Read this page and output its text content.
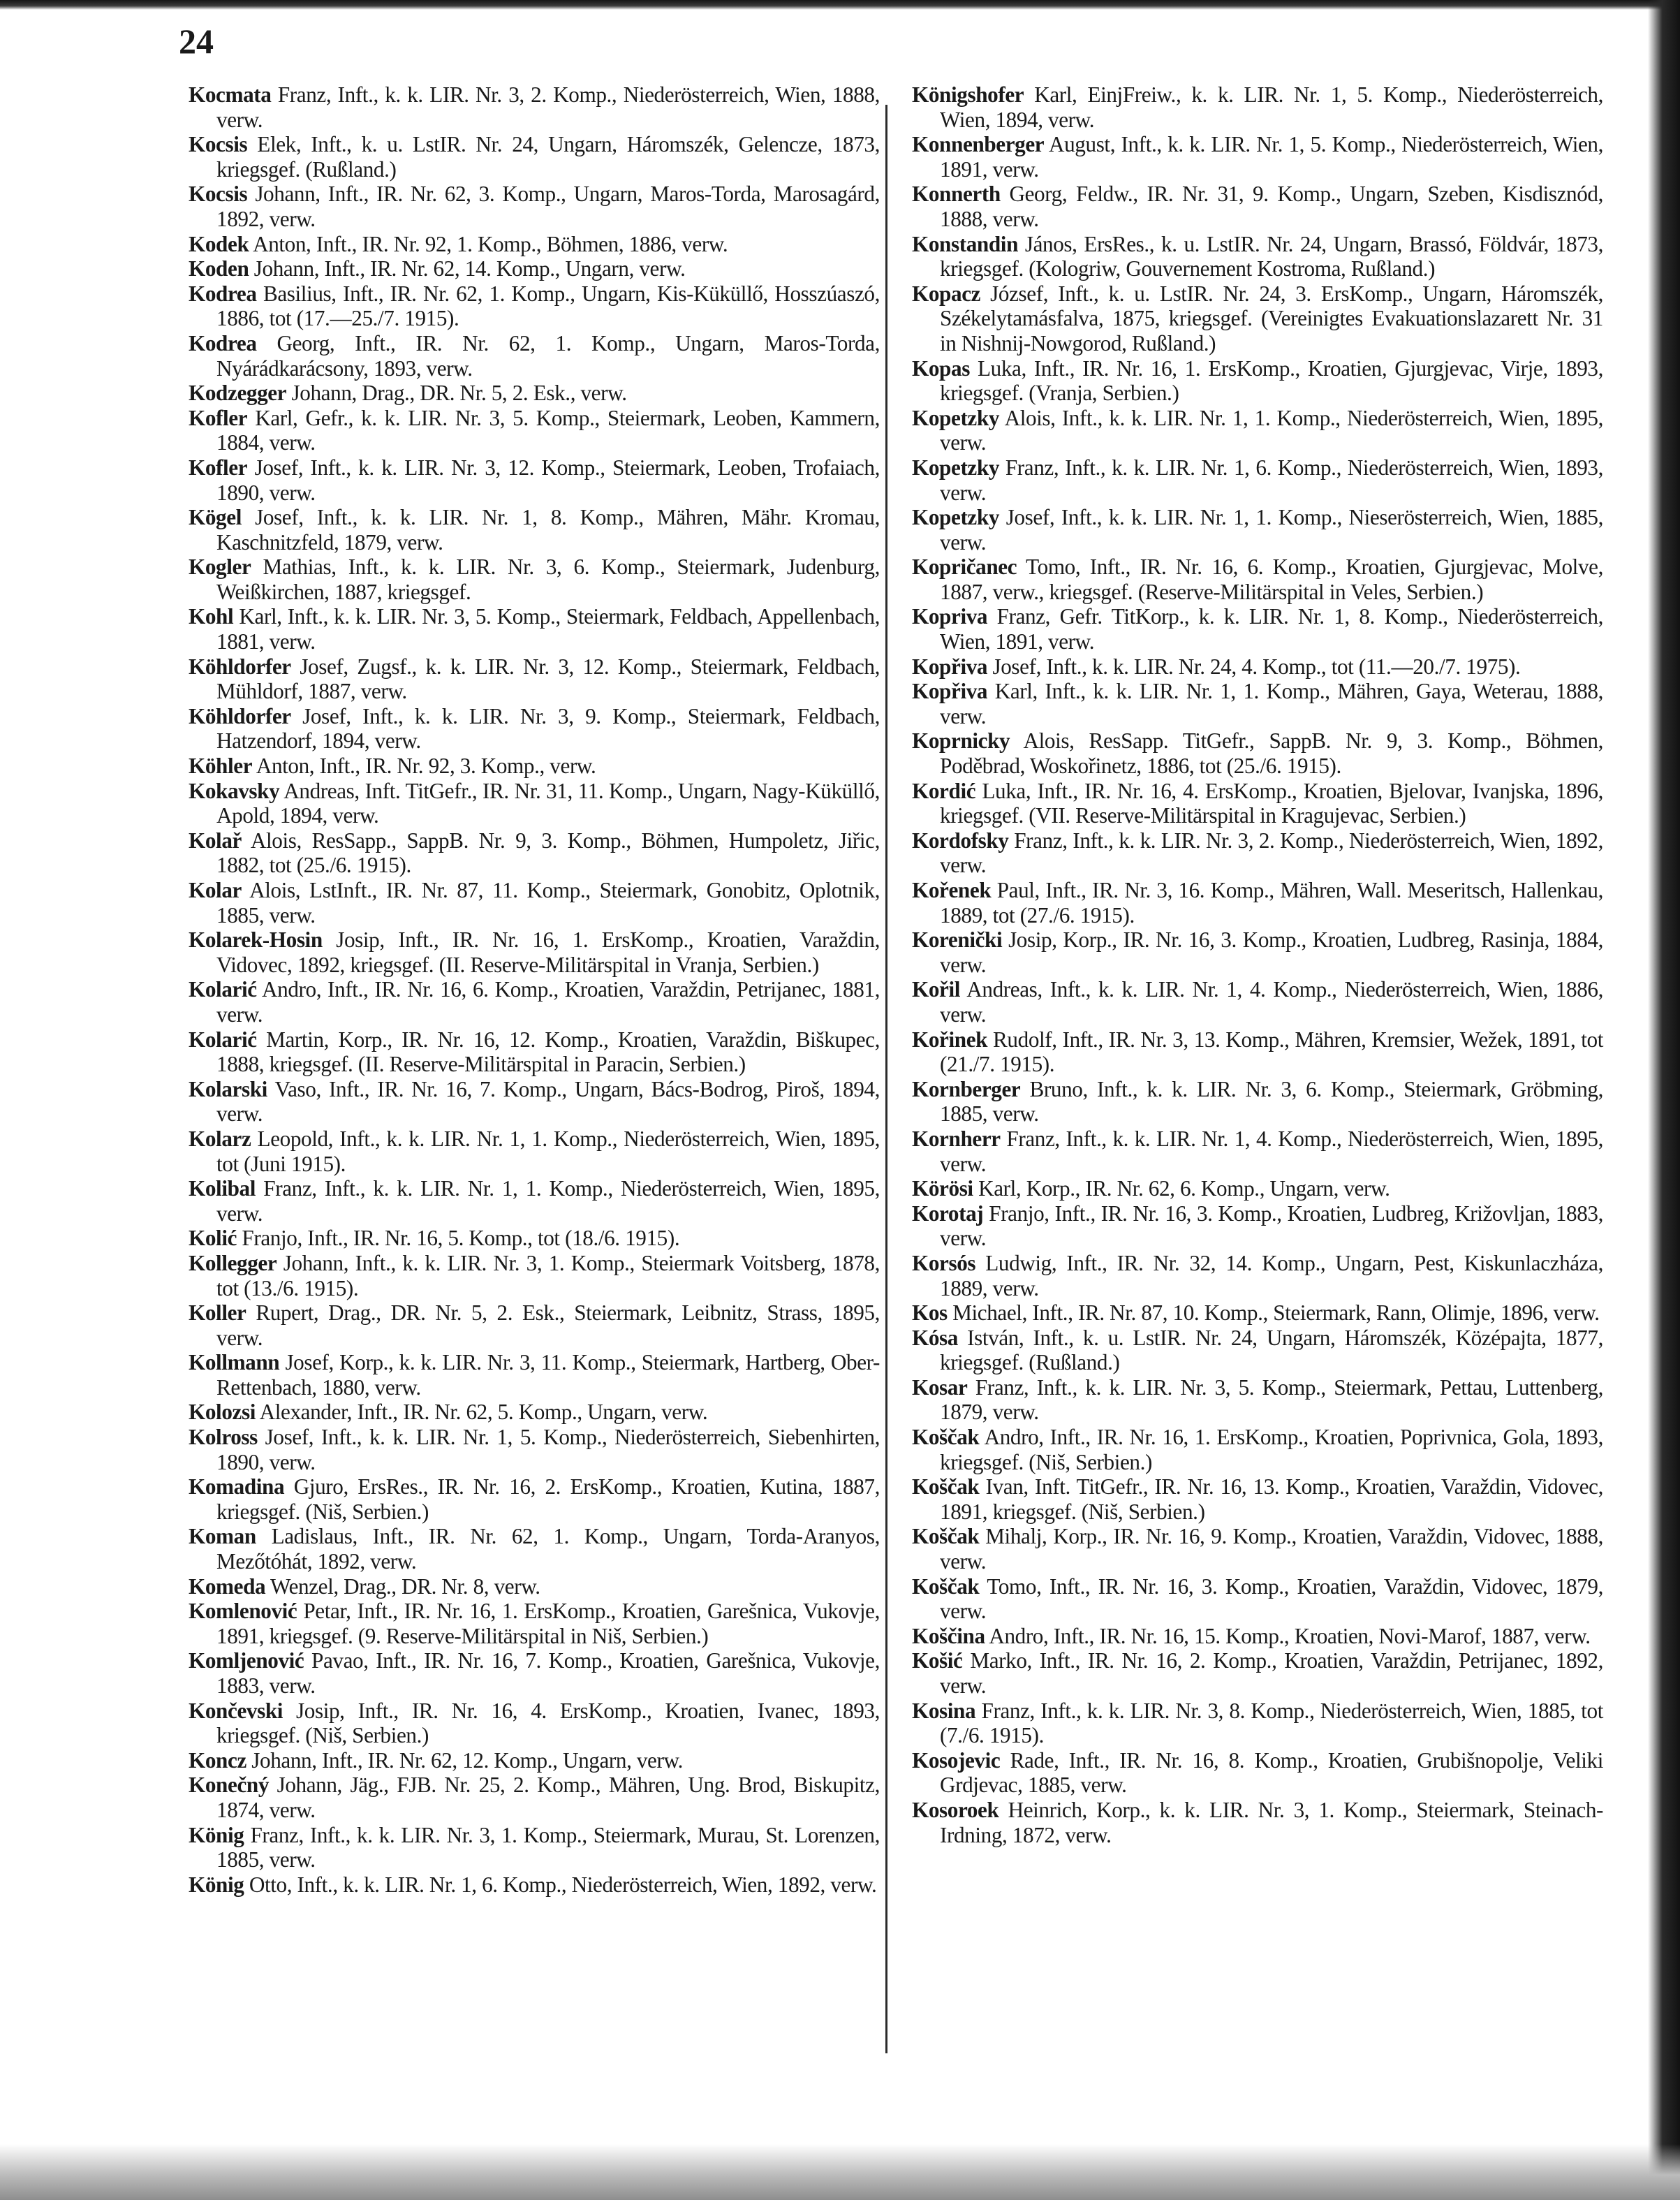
24

Kocmata Franz, Inft., k. k. LIR. Nr. 3, 2. Komp., Niederösterreich, Wien, 1888, verw.

Kocsis Elek, Inft., k. u. LstIR. Nr. 24, Ungarn, Háromszék, Gelencze, 1873, kriegsgef. (Rußland.)

Kocsis Johann, Inft., IR. Nr. 62, 3. Komp., Ungarn, Maros-Torda, Marosagárd, 1892, verw.

Kodek Anton, Inft., IR. Nr. 92, 1. Komp., Böhmen, 1886, verw.

Koden Johann, Inft., IR. Nr. 62, 14. Komp., Ungarn, verw.

Kodrea Basilius, Inft., IR. Nr. 62, 1. Komp., Ungarn, Kis-Küküllő, Hosszúaszó, 1886, tot (17.—25./7. 1915).

Kodrea Georg, Inft., IR. Nr. 62, 1. Komp., Ungarn, Maros-Torda, Nyárádkarácsony, 1893, verw.

Kodzegger Johann, Drag., DR. Nr. 5, 2. Esk., verw.

Kofler Karl, Gefr., k. k. LIR. Nr. 3, 5. Komp., Steiermark, Leoben, Kammern, 1884, verw.

Kofler Josef, Inft., k. k. LIR. Nr. 3, 12. Komp., Steiermark, Leoben, Trofaiach, 1890, verw.

Kögel Josef, Inft., k. k. LIR. Nr. 1, 8. Komp., Mähren, Mähr. Kromau, Kaschnitzfeld, 1879, verw.

Kogler Mathias, Inft., k. k. LIR. Nr. 3, 6. Komp., Steiermark, Judenburg, Weißkirchen, 1887, kriegsgef.

Kohl Karl, Inft., k. k. LIR. Nr. 3, 5. Komp., Steiermark, Feldbach, Appellenbach, 1881, verw.

Köhldorfer Josef, Zugsf., k. k. LIR. Nr. 3, 12. Komp., Steiermark, Feldbach, Mühldorf, 1887, verw.

Köhldorfer Josef, Inft., k. k. LIR. Nr. 3, 9. Komp., Steiermark, Feldbach, Hatzendorf, 1894, verw.

Köhler Anton, Inft., IR. Nr. 92, 3. Komp., verw.

Kokavsky Andreas, Inft. TitGefr., IR. Nr. 31, 11. Komp., Ungarn, Nagy-Küküllő, Apold, 1894, verw.

Kolař Alois, ResSapp., SappB. Nr. 9, 3. Komp., Böhmen, Humpoletz, Jiřic, 1882, tot (25./6. 1915).

Kolar Alois, LstInft., IR. Nr. 87, 11. Komp., Steiermark, Gonobitz, Oplotnik, 1885, verw.

Kolarek-Hosin Josip, Inft., IR. Nr. 16, 1. ErsKomp., Kroatien, Varaždin, Vidovec, 1892, kriegsgef. (II. Reserve-Militärspital in Vranja, Serbien.)

Kolarić Andro, Inft., IR. Nr. 16, 6. Komp., Kroatien, Varaždin, Petrijanec, 1881, verw.

Kolarić Martin, Korp., IR. Nr. 16, 12. Komp., Kroatien, Varaždin, Biškupec, 1888, kriegsgef. (II. Reserve-Militärspital in Paracin, Serbien.)

Kolarski Vaso, Inft., IR. Nr. 16, 7. Komp., Ungarn, Bács-Bodrog, Piroš, 1894, verw.

Kolarz Leopold, Inft., k. k. LIR. Nr. 1, 1. Komp., Niederösterreich, Wien, 1895, tot (Juni 1915).

Kolibal Franz, Inft., k. k. LIR. Nr. 1, 1. Komp., Niederösterreich, Wien, 1895, verw.

Kolić Franjo, Inft., IR. Nr. 16, 5. Komp., tot (18./6. 1915).

Kollegger Johann, Inft., k. k. LIR. Nr. 3, 1. Komp., Steiermark Voitsberg, 1878, tot (13./6. 1915).

Koller Rupert, Drag., DR. Nr. 5, 2. Esk., Steiermark, Leibnitz, Strass, 1895, verw.

Kollmann Josef, Korp., k. k. LIR. Nr. 3, 11. Komp., Steiermark, Hartberg, Ober-Rettenbach, 1880, verw.

Kolozsi Alexander, Inft., IR. Nr. 62, 5. Komp., Ungarn, verw.

Kolross Josef, Inft., k. k. LIR. Nr. 1, 5. Komp., Niederösterreich, Siebenhirten, 1890, verw.

Komadina Gjuro, ErsRes., IR. Nr. 16, 2. ErsKomp., Kroatien, Kutina, 1887, kriegsgef. (Niš, Serbien.)

Koman Ladislaus, Inft., IR. Nr. 62, 1. Komp., Ungarn, Torda-Aranyos, Mezőtóhát, 1892, verw.

Komeda Wenzel, Drag., DR. Nr. 8, verw.

Komlenović Petar, Inft., IR. Nr. 16, 1. ErsKomp., Kroatien, Garešnica, Vukovje, 1891, kriegsgef. (9. Reserve-Militärspital in Niš, Serbien.)

Komljenović Pavao, Inft., IR. Nr. 16, 7. Komp., Kroatien, Garešnica, Vukovje, 1883, verw.

Končevski Josip, Inft., IR. Nr. 16, 4. ErsKomp., Kroatien, Ivanec, 1893, kriegsgef. (Niš, Serbien.)

Koncz Johann, Inft., IR. Nr. 62, 12. Komp., Ungarn, verw.

Konečný Johann, Jäg., FJB. Nr. 25, 2. Komp., Mähren, Ung. Brod, Biskupitz, 1874, verw.

König Franz, Inft., k. k. LIR. Nr. 3, 1. Komp., Steiermark, Murau, St. Lorenzen, 1885, verw.

König Otto, Inft., k. k. LIR. Nr. 1, 6. Komp., Niederösterreich, Wien, 1892, verw.

Königshofer Karl, EinjFreiw., k. k. LIR. Nr. 1, 5. Komp., Niederösterreich, Wien, 1894, verw.

Konnenberger August, Inft., k. k. LIR. Nr. 1, 5. Komp., Niederösterreich, Wien, 1891, verw.

Konnerth Georg, Feldw., IR. Nr. 31, 9. Komp., Ungarn, Szeben, Kisdisznód, 1888, verw.

Konstandin János, ErsRes., k. u. LstIR. Nr. 24, Ungarn, Brassó, Földvár, 1873, kriegsgef. (Kologriw, Gouvernement Kostroma, Rußland.)

Kopacz József, Inft., k. u. LstIR. Nr. 24, 3. ErsKomp., Ungarn, Háromszék, Székelytamásfalva, 1875, kriegsgef. (Vereinigtes Evakuationslazarett Nr. 31 in Nishnij-Nowgorod, Rußland.)

Kopas Luka, Inft., IR. Nr. 16, 1. ErsKomp., Kroatien, Gjurgjevac, Virje, 1893, kriegsgef. (Vranja, Serbien.)

Kopetzky Alois, Inft., k. k. LIR. Nr. 1, 1. Komp., Niederösterreich, Wien, 1895, verw.

Kopetzky Franz, Inft., k. k. LIR. Nr. 1, 6. Komp., Niederösterreich, Wien, 1893, verw.

Kopetzky Josef, Inft., k. k. LIR. Nr. 1, 1. Komp., Nieserösterreich, Wien, 1885, verw.

Kopričanec Tomo, Inft., IR. Nr. 16, 6. Komp., Kroatien, Gjurgjevac, Molve, 1887, verw., kriegsgef. (Reserve-Militärspital in Veles, Serbien.)

Kopriva Franz, Gefr. TitKorp., k. k. LIR. Nr. 1, 8. Komp., Niederösterreich, Wien, 1891, verw.

Kopřiva Josef, Inft., k. k. LIR. Nr. 24, 4. Komp., tot (11.—20./7. 1975).

Kopřiva Karl, Inft., k. k. LIR. Nr. 1, 1. Komp., Mähren, Gaya, Weterau, 1888, verw.

Koprnicky Alois, ResSapp. TitGefr., SappB. Nr. 9, 3. Komp., Böhmen, Poděbrad, Woskořinetz, 1886, tot (25./6. 1915).

Kordić Luka, Inft., IR. Nr. 16, 4. ErsKomp., Kroatien, Bjelovar, Ivanjska, 1896, kriegsgef. (VII. Reserve-Militärspital in Kragujevac, Serbien.)

Kordofsky Franz, Inft., k. k. LIR. Nr. 3, 2. Komp., Niederösterreich, Wien, 1892, verw.

Kořenek Paul, Inft., IR. Nr. 3, 16. Komp., Mähren, Wall. Meseritsch, Hallenkau, 1889, tot (27./6. 1915).

Korenički Josip, Korp., IR. Nr. 16, 3. Komp., Kroatien, Ludbreg, Rasinja, 1884, verw.

Kořil Andreas, Inft., k. k. LIR. Nr. 1, 4. Komp., Niederösterreich, Wien, 1886, verw.

Kořinek Rudolf, Inft., IR. Nr. 3, 13. Komp., Mähren, Kremsier, Wežek, 1891, tot (21./7. 1915).

Kornberger Bruno, Inft., k. k. LIR. Nr. 3, 6. Komp., Steiermark, Gröbming, 1885, verw.

Kornherr Franz, Inft., k. k. LIR. Nr. 1, 4. Komp., Niederösterreich, Wien, 1895, verw.

Körösi Karl, Korp., IR. Nr. 62, 6. Komp., Ungarn, verw.

Korotaj Franjo, Inft., IR. Nr. 16, 3. Komp., Kroatien, Ludbreg, Križovljan, 1883, verw.

Korsós Ludwig, Inft., IR. Nr. 32, 14. Komp., Ungarn, Pest, Kiskunlaczháza, 1889, verw.

Kos Michael, Inft., IR. Nr. 87, 10. Komp., Steiermark, Rann, Olimje, 1896, verw.

Kósa István, Inft., k. u. LstIR. Nr. 24, Ungarn, Háromszék, Középajta, 1877, kriegsgef. (Rußland.)

Kosar Franz, Inft., k. k. LIR. Nr. 3, 5. Komp., Steiermark, Pettau, Luttenberg, 1879, verw.

Koščak Andro, Inft., IR. Nr. 16, 1. ErsKomp., Kroatien, Poprivnica, Gola, 1893, kriegsgef. (Niš, Serbien.)

Koščak Ivan, Inft. TitGefr., IR. Nr. 16, 13. Komp., Kroatien, Varaždin, Vidovec, 1891, kriegsgef. (Niš, Serbien.)

Koščak Mihalj, Korp., IR. Nr. 16, 9. Komp., Kroatien, Varaždin, Vidovec, 1888, verw.

Koščak Tomo, Inft., IR. Nr. 16, 3. Komp., Kroatien, Varaždin, Vidovec, 1879, verw.

Koščina Andro, Inft., IR. Nr. 16, 15. Komp., Kroatien, Novi-Marof, 1887, verw.

Košić Marko, Inft., IR. Nr. 16, 2. Komp., Kroatien, Varaždin, Petrijanec, 1892, verw.

Kosina Franz, Inft., k. k. LIR. Nr. 3, 8. Komp., Niederösterreich, Wien, 1885, tot (7./6. 1915).

Kosojevic Rade, Inft., IR. Nr. 16, 8. Komp., Kroatien, Grubišnopolje, Veliki Grdjevac, 1885, verw.

Kosoroek Heinrich, Korp., k. k. LIR. Nr. 3, 1. Komp., Steiermark, Steinach-Irdning, 1872, verw.
